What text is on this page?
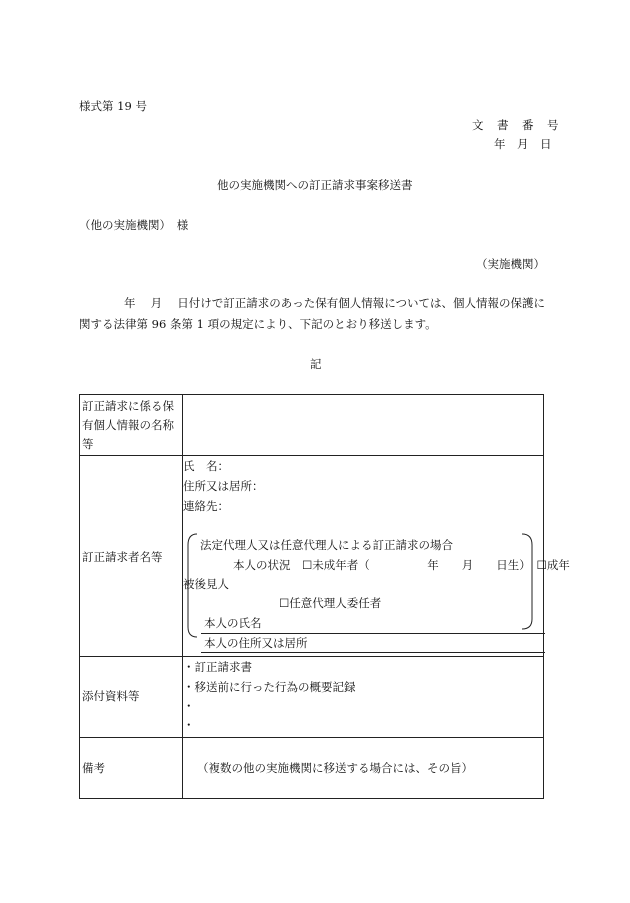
様式第 19 号
文　書　番　号
年　月　日
他の実施機関への訂正請求事案移送書
（他の実施機関）　様
（実施機関）
年　 月 　日付けで訂正請求のあった保有個人情報については、個人情報の保護に
関する法律第 96 条第 1 項の規定により、下記のとおり移送します。
記
訂正請求に係る保
有個人情報の名称
等
訂正請求者名等
氏　名：
住所又は居所：
連絡先：
法定代理人又は任意代理人による訂正請求の場合
本人の状況　☐未成年者（　　　　　年　　月　　日生）　☐成年
被後見人
☐任意代理人委任者
本人の氏名
本人の住所又は居所
添付資料等
・訂正請求書
・移送前に行った行為の概要記録
・
・
備考	（複数の他の実施機関に移送する場合には、その旨）
